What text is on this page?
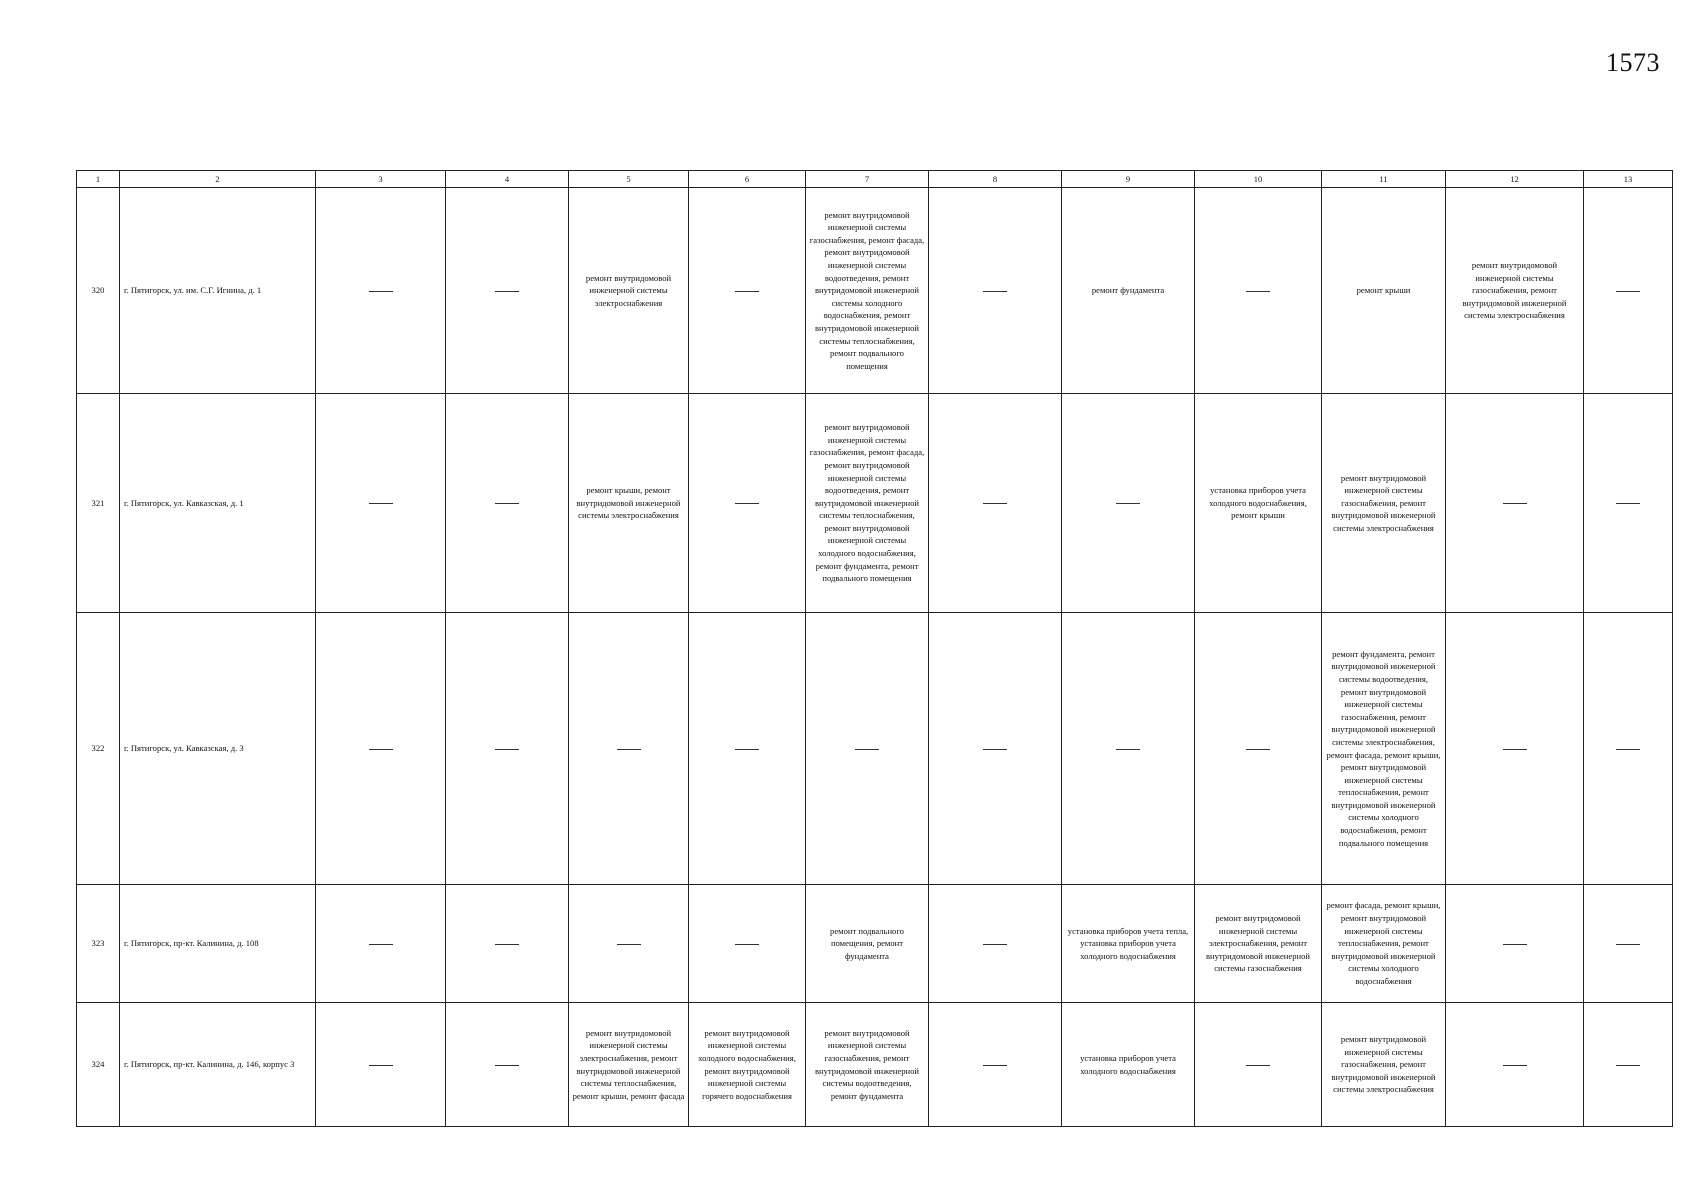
1573
1	2	3	4	5	6	7	8	9	10	11	12	13
320	г. Пятигорск, ул. им. С.Г. Игнина, д. 1			ремонт внутридомовой инженерной системы электроснабжения		ремонт внутридомовой инженерной системы газоснабжения, ремонт фасада, ремонт внутридомовой инженерной системы водоотведения, ремонт внутридомовой инженерной системы холодного водоснабжения, ремонт внутридомовой инженерной системы теплоснабжения, ремонт подвального помещения		ремонт фундамента		ремонт крыши	ремонт внутридомовой инженерной системы газоснабжения, ремонт внутридомовой инженерной системы электроснабжения	
321	г. Пятигорск, ул. Кавказская, д. 1			ремонт крыши, ремонт внутридомовой инженерной системы электроснабжения		ремонт внутридомовой инженерной системы газоснабжения, ремонт фасада, ремонт внутридомовой инженерной системы водоотведения, ремонт внутридомовой инженерной системы теплоснабжения, ремонт внутридомовой инженерной системы холодного водоснабжения, ремонт фундамента, ремонт подвального помещения			установка приборов учета холодного водоснабжения, ремонт крыши	ремонт внутридомовой инженерной системы газоснабжения, ремонт внутридомовой инженерной системы электроснабжения		
322	г. Пятигорск, ул. Кавказская, д. 3									ремонт фундамента, ремонт внутридомовой инженерной системы водоотведения, ремонт внутридомовой инженерной системы газоснабжения, ремонт внутридомовой инженерной системы электроснабжения, ремонт фасада, ремонт крыши, ремонт внутридомовой инженерной системы теплоснабжения, ремонт внутридомовой инженерной системы холодного водоснабжения, ремонт подвального помещения		
323	г. Пятигорск, пр-кт. Калинина, д. 108					ремонт подвального помещения, ремонт фундамента		установка приборов учета тепла, установка приборов учета холодного водоснабжения	ремонт внутридомовой инженерной системы электроснабжения, ремонт внутридомовой инженерной системы газоснабжения	ремонт фасада, ремонт крыши, ремонт внутридомовой инженерной системы теплоснабжения, ремонт внутридомовой инженерной системы холодного водоснабжения		
324	г. Пятигорск, пр-кт. Калинина, д. 146, корпус 3			ремонт внутридомовой инженерной системы электроснабжения, ремонт внутридомовой инженерной системы теплоснабжения, ремонт крыши, ремонт фасада	ремонт внутридомовой инженерной системы холодного водоснабжения, ремонт внутридомовой инженерной системы горячего водоснабжения	ремонт внутридомовой инженерной системы газоснабжения, ремонт внутридомовой инженерной системы водоотведения, ремонт фундамента		установка приборов учета холодного водоснабжения		ремонт внутридомовой инженерной системы газоснабжения, ремонт внутридомовой инженерной системы электроснабжения		
